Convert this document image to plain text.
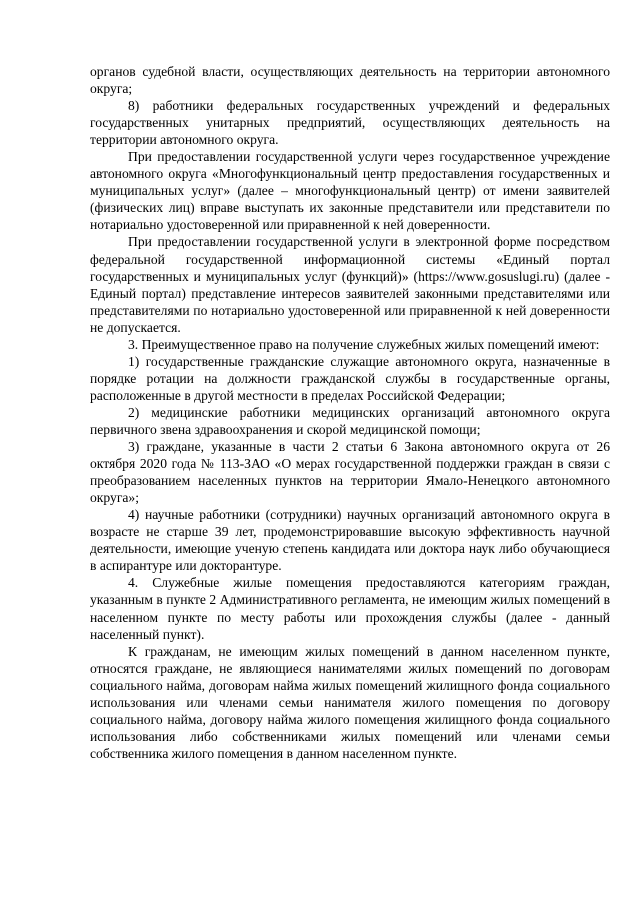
органов судебной власти, осуществляющих деятельность на территории автономного округа;

8) работники федеральных государственных учреждений и федеральных государственных унитарных предприятий, осуществляющих деятельность на территории автономного округа.

При предоставлении государственной услуги через государственное учреждение автономного округа «Многофункциональный центр предоставления государственных и муниципальных услуг» (далее – многофункциональный центр) от имени заявителей (физических лиц) вправе выступать их законные представители или представители по нотариально удостоверенной или приравненной к ней доверенности.

При предоставлении государственной услуги в электронной форме посредством федеральной государственной информационной системы «Единый портал государственных и муниципальных услуг (функций)» (https://www.gosuslugi.ru) (далее - Единый портал) представление интересов заявителей законными представителями или представителями по нотариально удостоверенной или приравненной к ней доверенности не допускается.

3. Преимущественное право на получение служебных жилых помещений имеют:

1) государственные гражданские служащие автономного округа, назначенные в порядке ротации на должности гражданской службы в государственные органы, расположенные в другой местности в пределах Российской Федерации;

2) медицинские работники медицинских организаций автономного округа первичного звена здравоохранения и скорой медицинской помощи;

3) граждане, указанные в части 2 статьи 6 Закона автономного округа от 26 октября 2020 года № 113-ЗАО «О мерах государственной поддержки граждан в связи с преобразованием населенных пунктов на территории Ямало-Ненецкого автономного округа»;

4) научные работники (сотрудники) научных организаций автономного округа в возрасте не старше 39 лет, продемонстрировавшие высокую эффективность научной деятельности, имеющие ученую степень кандидата или доктора наук либо обучающиеся в аспирантуре или докторантуре.

4. Служебные жилые помещения предоставляются категориям граждан, указанным в пункте 2 Административного регламента, не имеющим жилых помещений в населенном пункте по месту работы или прохождения службы (далее - данный населенный пункт).

К гражданам, не имеющим жилых помещений в данном населенном пункте, относятся граждане, не являющиеся нанимателями жилых помещений по договорам социального найма, договорам найма жилых помещений жилищного фонда социального использования или членами семьи нанимателя жилого помещения по договору социального найма, договору найма жилого помещения жилищного фонда социального использования либо собственниками жилых помещений или членами семьи собственника жилого помещения в данном населенном пункте.
